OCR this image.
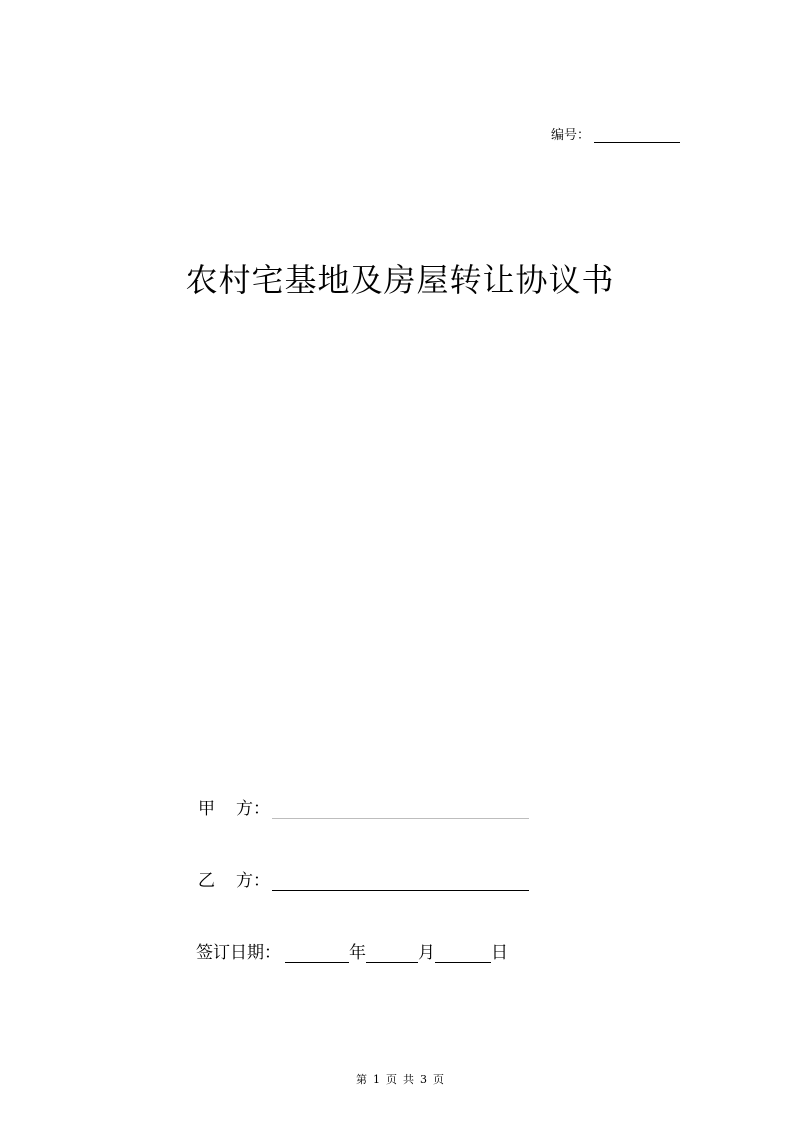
编号：
农村宅基地及房屋转让协议书
甲 方：
乙 方：
签订日期：	年	月	日
第 1 页 共 3 页
